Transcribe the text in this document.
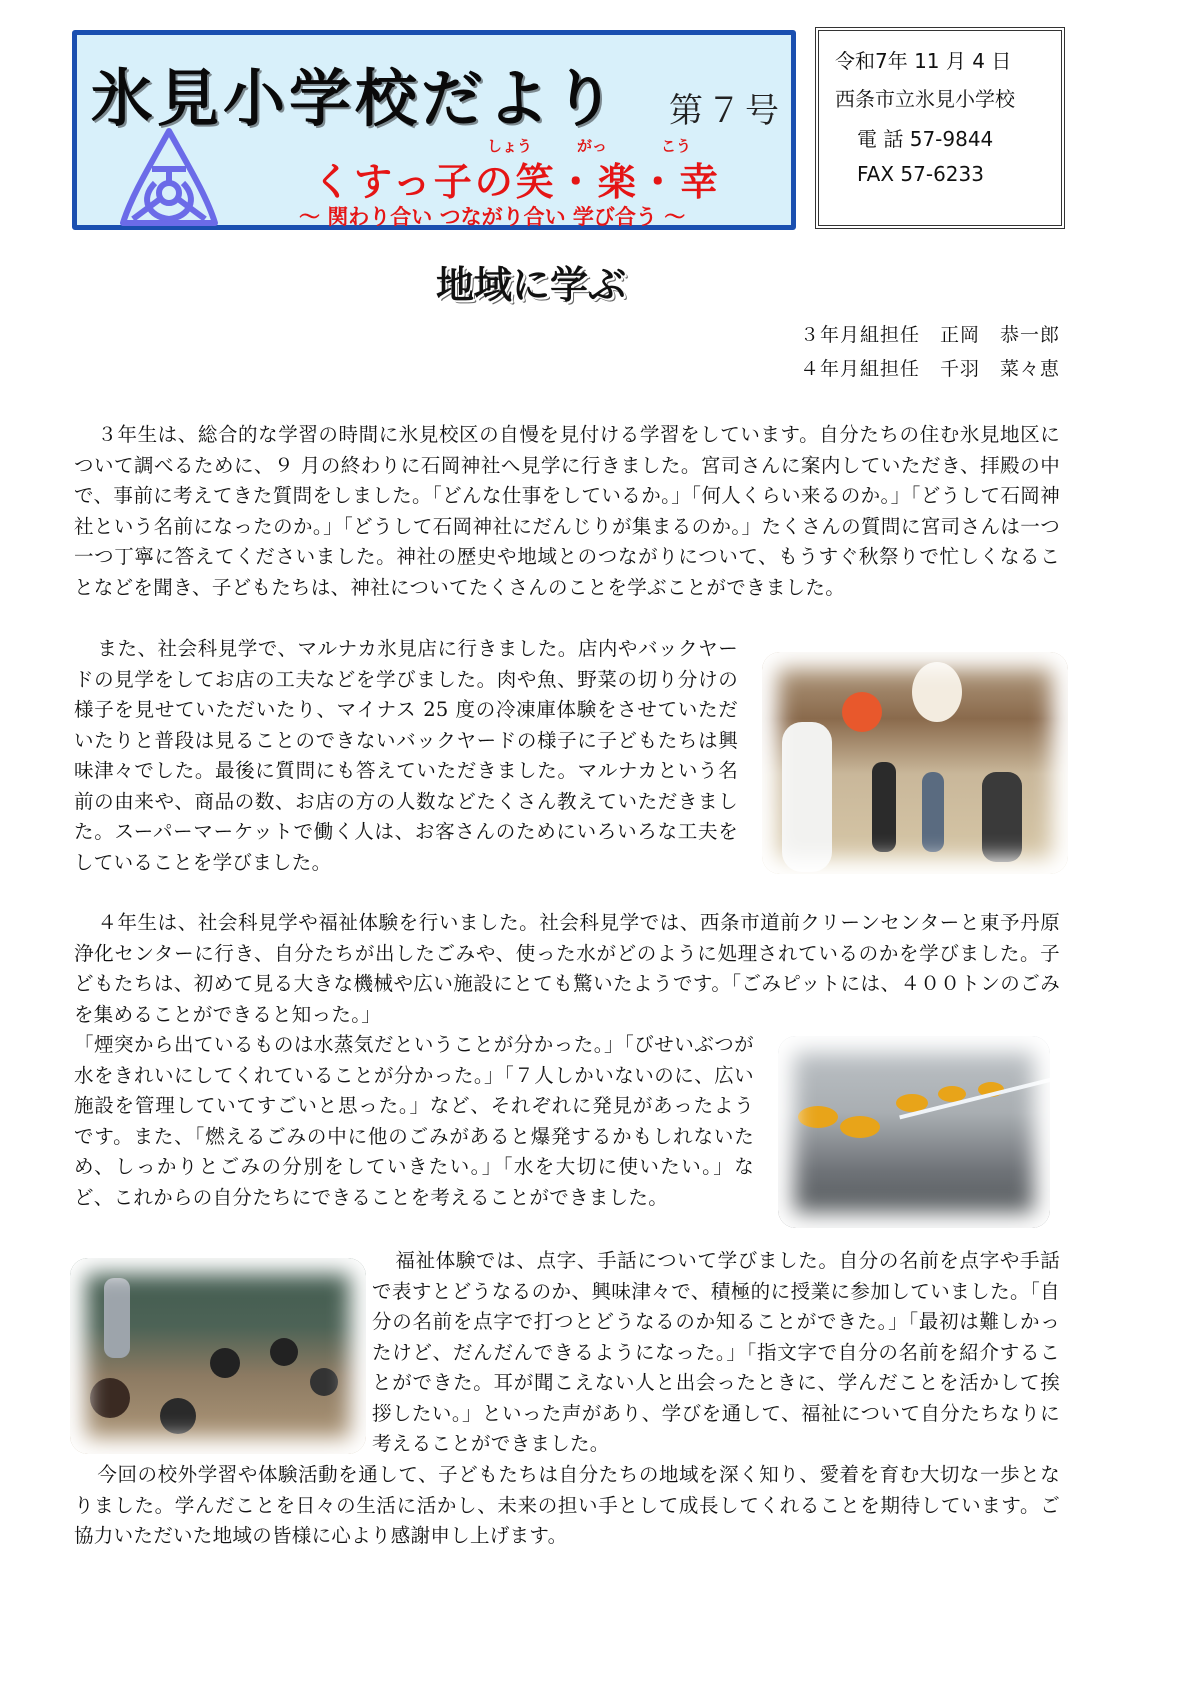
氷見小学校だより 第７号
しょう	がっ	こう
くすっ子の笑・楽・幸
～ 関わり合い つながり合い 学び合う ～
令和7年 11 月 4 日
西条市立氷見小学校
電 話 57-9844
FAX 57-6233
地域に学ぶ
３年月組担任　正岡　恭一郎
４年月組担任　千羽　菜々恵

３年生は、総合的な学習の時間に氷見校区の自慢を見付ける学習をしています。自分たちの住む氷見地区について調べるために、９ 月の終わりに石岡神社へ見学に行きました。宮司さんに案内していただき、拝殿の中で、事前に考えてきた質問をしました。「どんな仕事をしているか。」「何人くらい来るのか。」「どうして石岡神社という名前になったのか。」「どうして石岡神社にだんじりが集まるのか。」たくさんの質問に宮司さんは一つ一つ丁寧に答えてくださいました。神社の歴史や地域とのつながりについて、もうすぐ秋祭りで忙しくなることなどを聞き、子どもたちは、神社についてたくさんのことを学ぶことができました。

また、社会科見学で、マルナカ氷見店に行きました。店内やバックヤードの見学をしてお店の工夫などを学びました。肉や魚、野菜の切り分けの様子を見せていただいたり、マイナス 25 度の冷凍庫体験をさせていただいたりと普段は見ることのできないバックヤードの様子に子どもたちは興味津々でした。最後に質問にも答えていただきました。マルナカという名前の由来や、商品の数、お店の方の人数などたくさん教えていただきました。スーパーマーケットで働く人は、お客さんのためにいろいろな工夫をしていることを学びました。

４年生は、社会科見学や福祉体験を行いました。社会科見学では、西条市道前クリーンセンターと東予丹原浄化センターに行き、自分たちが出したごみや、使った水がどのように処理されているのかを学びました。子どもたちは、初めて見る大きな機械や広い施設にとても驚いたようです。「ごみピットには、４００トンのごみを集めることができると知った。」

「煙突から出ているものは水蒸気だということが分かった。」「びせいぶつが水をきれいにしてくれていることが分かった。」「７人しかいないのに、広い施設を管理していてすごいと思った。」など、それぞれに発見があったようです。また、「燃えるごみの中に他のごみがあると爆発するかもしれないため、しっかりとごみの分別をしていきたい。」「水を大切に使いたい。」など、これからの自分たちにできることを考えることができました。

福祉体験では、点字、手話について学びました。自分の名前を点字や手話で表すとどうなるのか、興味津々で、積極的に授業に参加していました。「自分の名前を点字で打つとどうなるのか知ることができた。」「最初は難しかったけど、だんだんできるようになった。」「指文字で自分の名前を紹介することができた。耳が聞こえない人と出会ったときに、学んだことを活かして挨拶したい。」といった声があり、学びを通して、福祉について自分たちなりに考えることができました。

今回の校外学習や体験活動を通して、子どもたちは自分たちの地域を深く知り、愛着を育む大切な一歩となりました。学んだことを日々の生活に活かし、未来の担い手として成長してくれることを期待しています。ご協力いただいた地域の皆様に心より感謝申し上げます。
